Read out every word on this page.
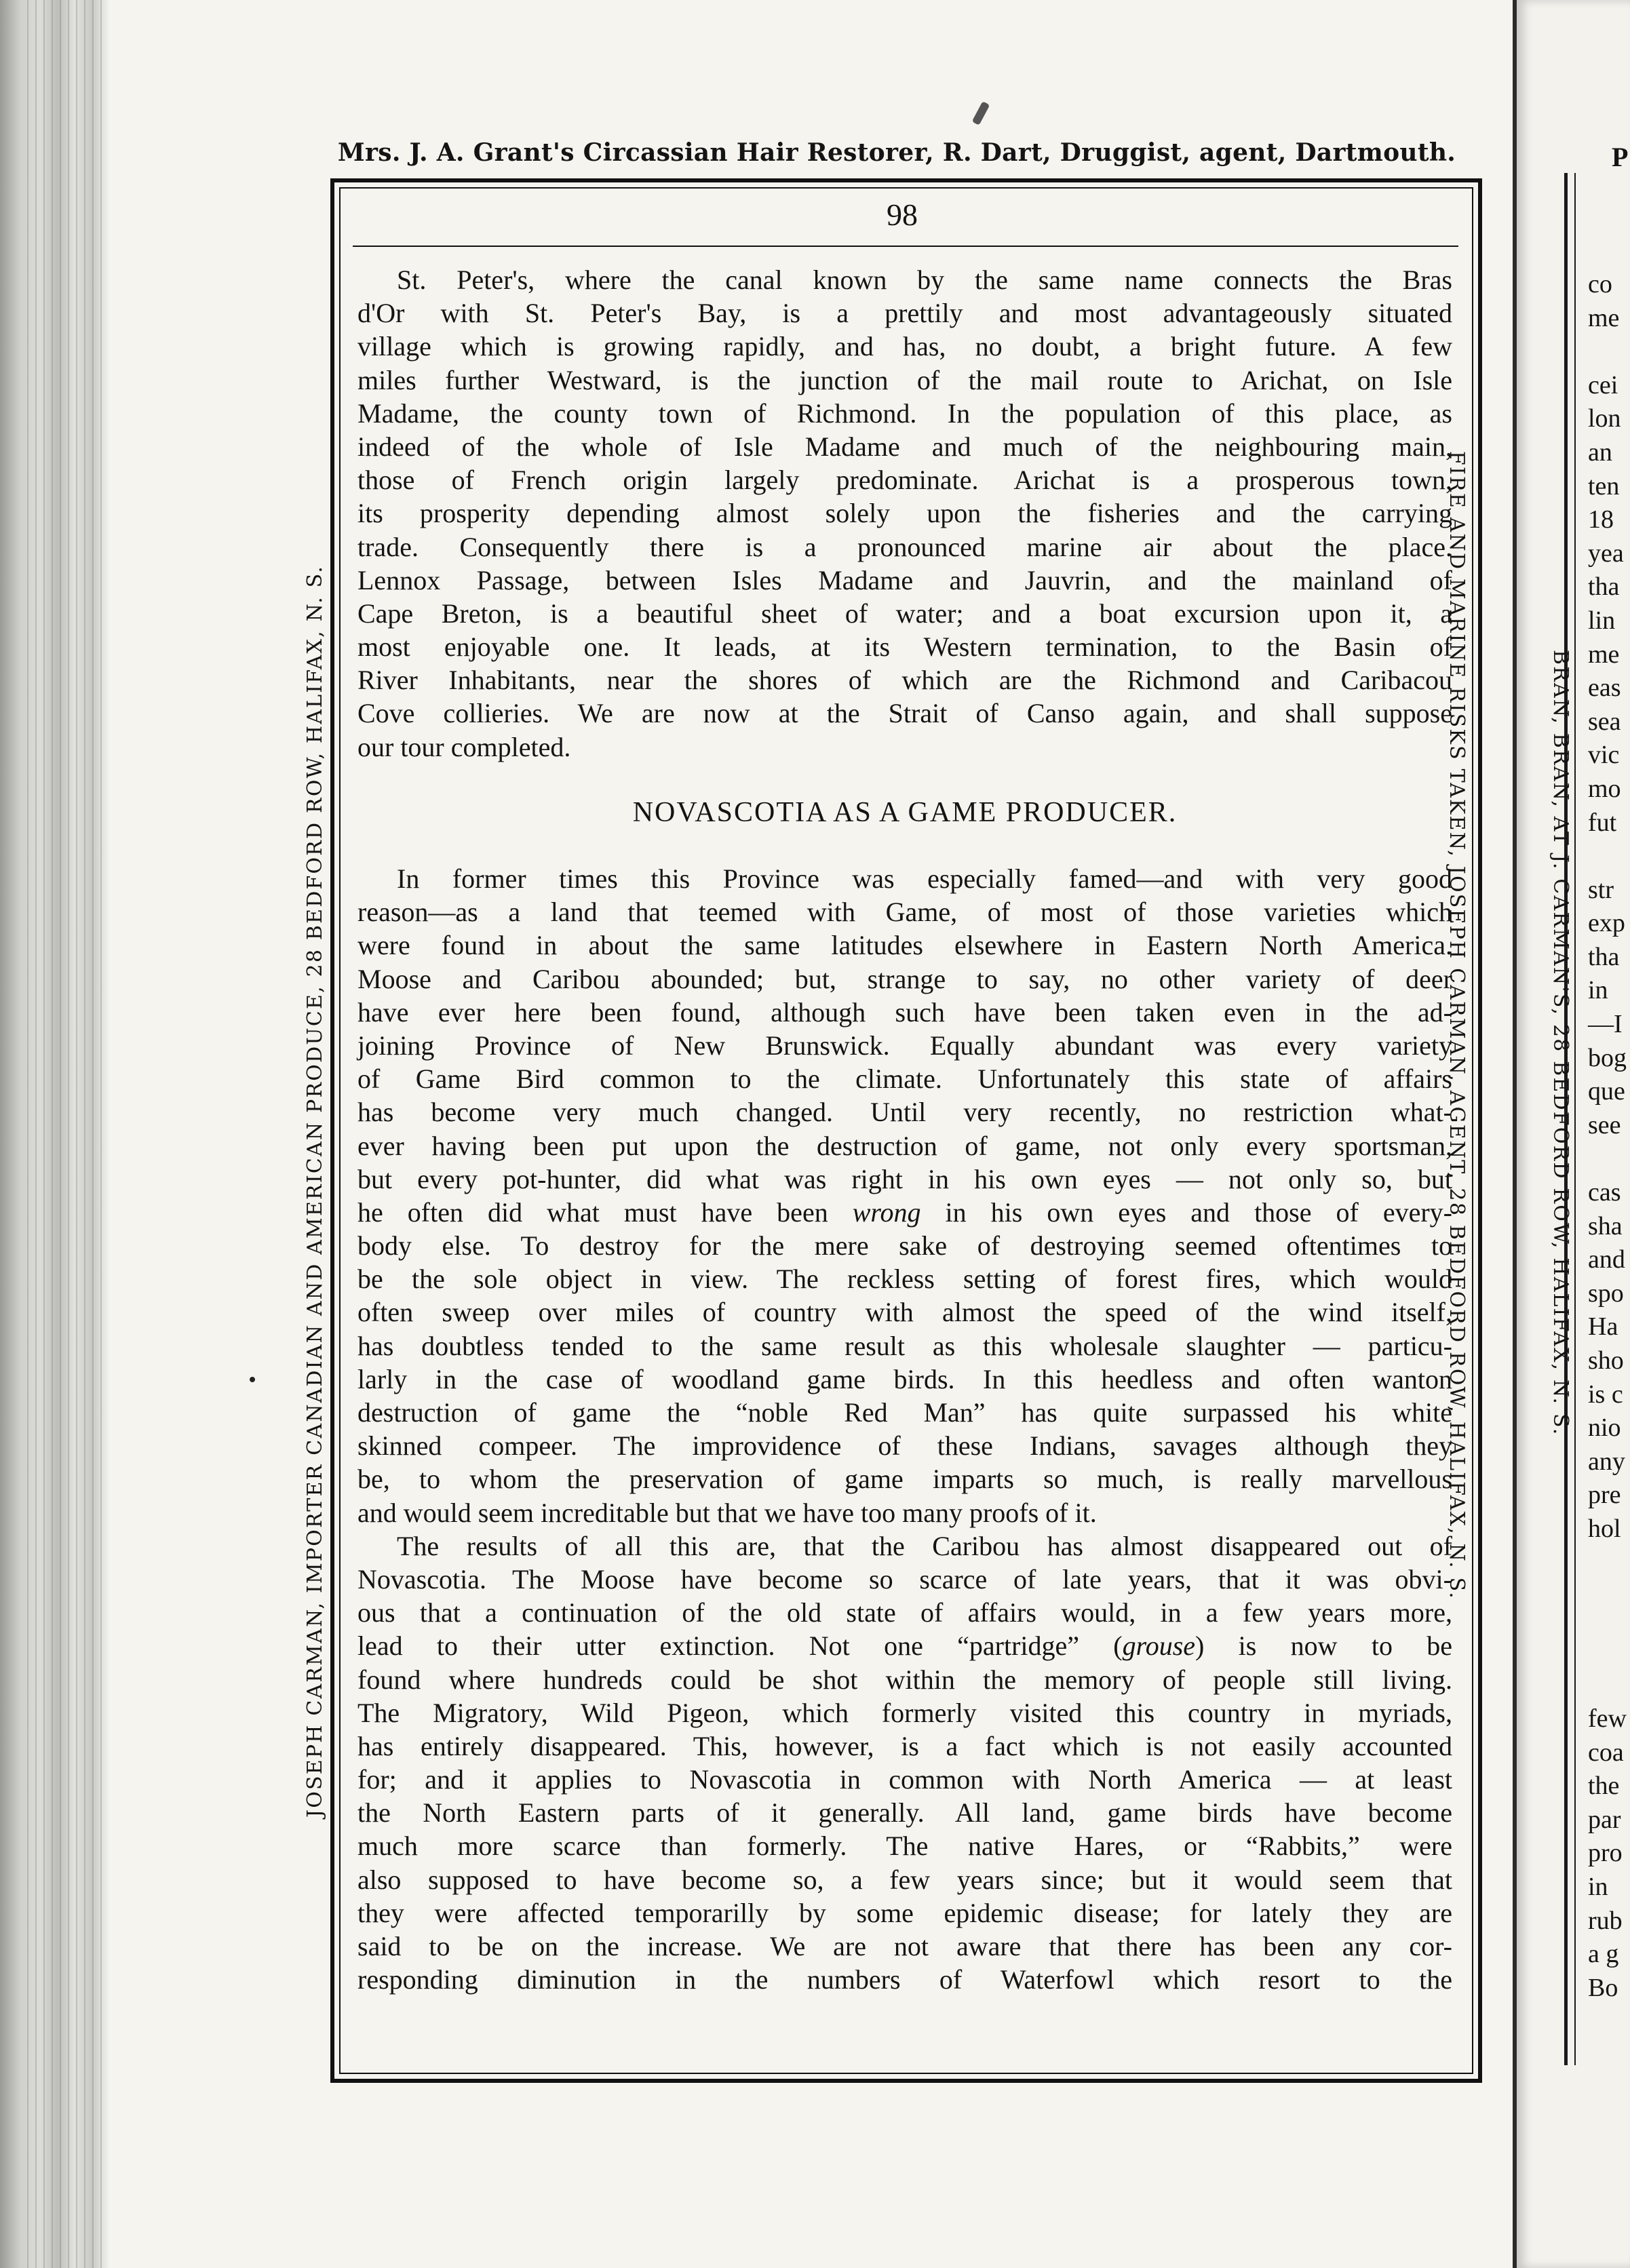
P
co
me

cei
lon
an
ten
18
yea
tha
lin
me
eas
sea
vic
mo
fut

str
exp
tha
in
—I
bog
que
see

cas
sha
and
spo
Ha
sho
is c
nio
any
pre
hol
few
coa
the
par
pro
in
rub
a g
Bo
Mrs. J. A. Grant's Circassian Hair Restorer, R. Dart, Druggist, agent, Dartmouth.
98
JOSEPH CARMAN, IMPORTER CANADIAN AND AMERICAN PRODUCE, 28 BEDFORD ROW, HALIFAX, N. S.	FIRE AND MARINE RISKS TAKEN, JOSEPH CARMAN, AGENT, 28 BEDFORD ROW, HALIFAX, N. S.	BRAN, BRAN, AT J. CARMAN'S, 28 BEDFORD ROW, HALIFAX, N. S.
St. Peter's, where the canal known by the same name connects the Bras
d'Or with St. Peter's Bay, is a prettily and most advantageously situated
village which is growing rapidly, and has, no doubt, a bright future. A few
miles further Westward, is the junction of the mail route to Arichat, on Isle
Madame, the county town of Richmond. In the population of this place, as
indeed of the whole of Isle Madame and much of the neighbouring main,
those of French origin largely predominate. Arichat is a prosperous town,
its prosperity depending almost solely upon the fisheries and the carrying
trade. Consequently there is a pronounced marine air about the place.
Lennox Passage, between Isles Madame and Jauvrin, and the mainland of
Cape Breton, is a beautiful sheet of water; and a boat excursion upon it, a
most enjoyable one. It leads, at its Western termination, to the Basin of
River Inhabitants, near the shores of which are the Richmond and Caribacou
Cove collieries. We are now at the Strait of Canso again, and shall suppose
our tour completed.
NOVASCOTIA AS A GAME PRODUCER.
In former times this Province was especially famed—and with very good
reason—as a land that teemed with Game, of most of those varieties which
were found in about the same latitudes elsewhere in Eastern North America.
Moose and Caribou abounded; but, strange to say, no other variety of deer
have ever here been found, although such have been taken even in the ad-
joining Province of New Brunswick. Equally abundant was every variety
of Game Bird common to the climate. Unfortunately this state of affairs
has become very much changed. Until very recently, no restriction what-
ever having been put upon the destruction of game, not only every sportsman,
but every pot-hunter, did what was right in his own eyes — not only so, but
he often did what must have been wrong in his own eyes and those of every-
body else. To destroy for the mere sake of destroying seemed oftentimes to
be the sole object in view. The reckless setting of forest fires, which would
often sweep over miles of country with almost the speed of the wind itself,
has doubtless tended to the same result as this wholesale slaughter — particu-
larly in the case of woodland game birds. In this heedless and often wanton
destruction of game the “noble Red Man” has quite surpassed his white
skinned compeer. The improvidence of these Indians, savages although they
be, to whom the preservation of game imparts so much, is really marvellous
and would seem increditable but that we have too many proofs of it.
The results of all this are, that the Caribou has almost disappeared out of
Novascotia. The Moose have become so scarce of late years, that it was obvi-
ous that a continuation of the old state of affairs would, in a few years more,
lead to their utter extinction. Not one “partridge” (grouse) is now to be
found where hundreds could be shot within the memory of people still living.
The Migratory, Wild Pigeon, which formerly visited this country in myriads,
has entirely disappeared. This, however, is a fact which is not easily accounted
for; and it applies to Novascotia in common with North America — at least
the North Eastern parts of it generally. All land, game birds have become
much more scarce than formerly. The native Hares, or “Rabbits,” were
also supposed to have become so, a few years since; but it would seem that
they were affected temporarilly by some epidemic disease; for lately they are
said to be on the increase. We are not aware that there has been any cor-
responding diminution in the numbers of Waterfowl which resort to the
